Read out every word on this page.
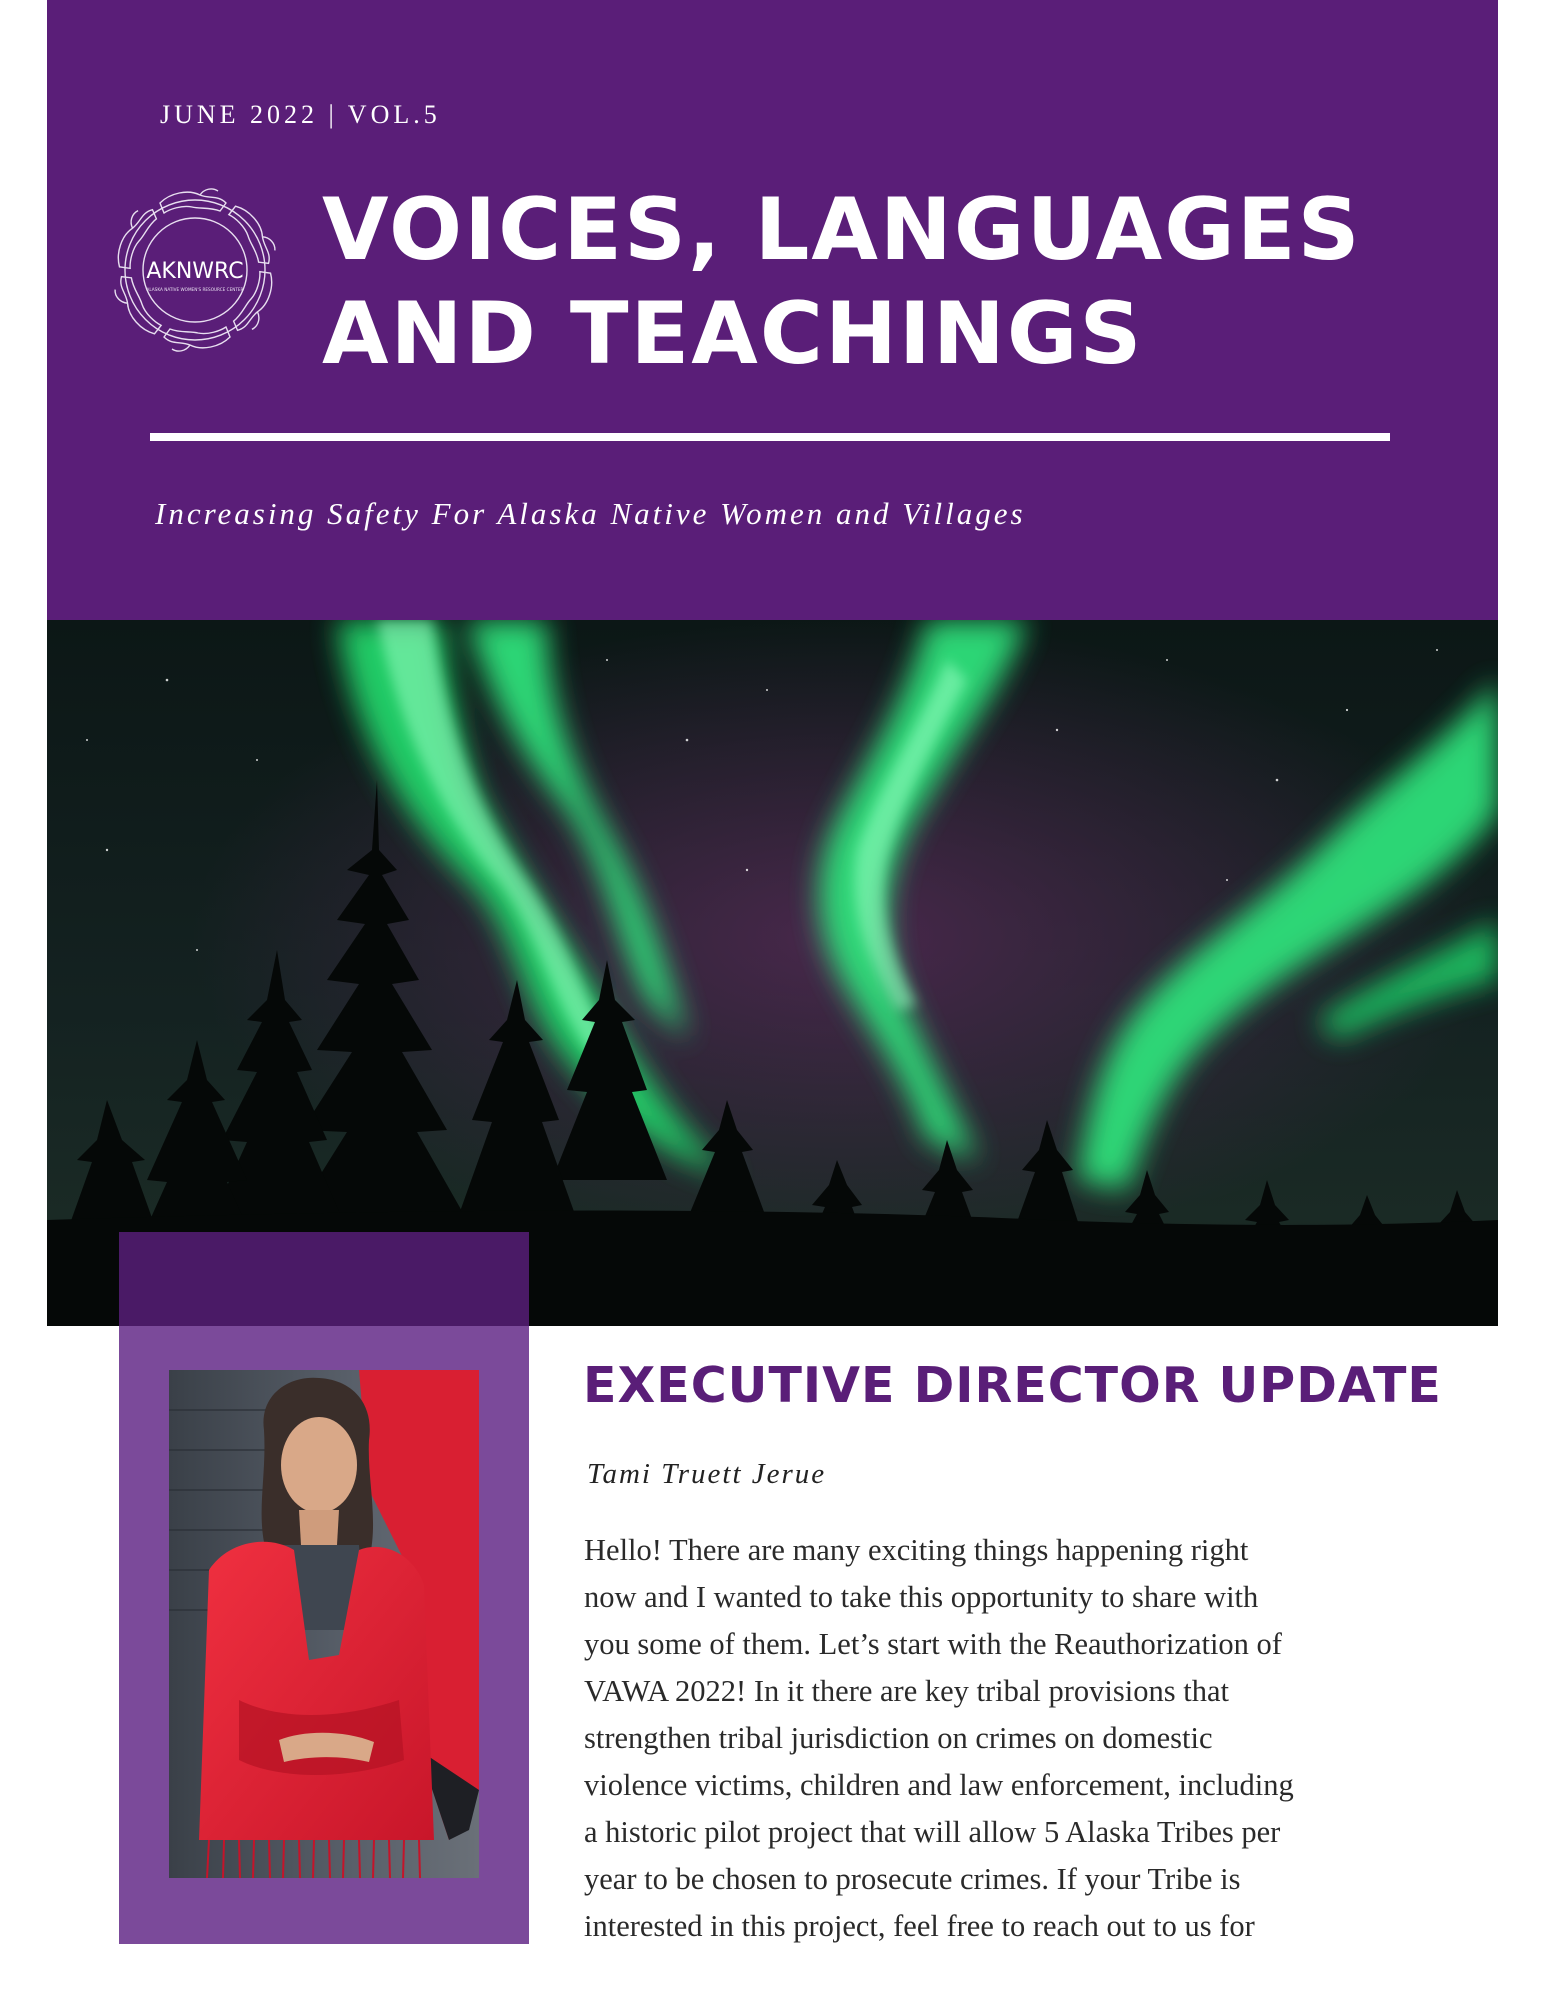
JUNE 2022 | VOL.5
AKNWRC
ALASKA NATIVE WOMEN'S RESOURCE CENTER
VOICES, LANGUAGES
AND TEACHINGS
Increasing Safety For Alaska Native Women and Villages
EXECUTIVE DIRECTOR UPDATE
Tami Truett Jerue

Hello! There are many exciting things happening right
now and I wanted to take this opportunity to share with
you some of them. Let’s start with the Reauthorization of
VAWA 2022! In it there are key tribal provisions that
strengthen tribal jurisdiction on crimes on domestic
violence victims, children and law enforcement, including
a historic pilot project that will allow 5 Alaska Tribes per
year to be chosen to prosecute crimes. If your Tribe is
interested in this project, feel free to reach out to us for
